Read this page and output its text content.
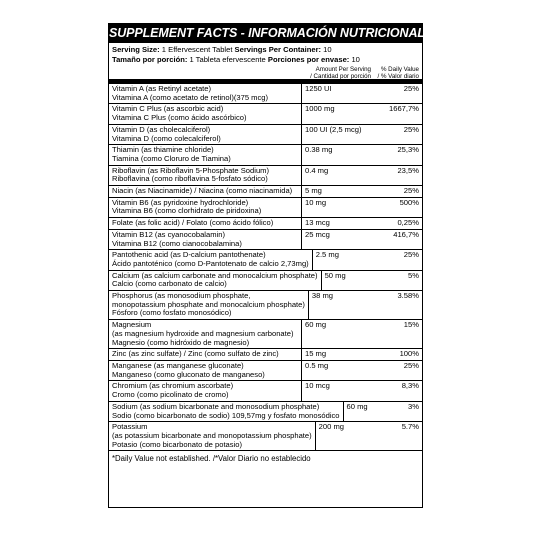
SUPPLEMENT FACTS - INFORMACIÓN NUTRICIONAL
Serving Size: 1 Effervescent Tablet Servings Per Container: 10
Tamaño por porción: 1 Tableta efervescente Porciones por envase: 10
Amount Per Serving
/ Cantidad por porción
% Daily Value
/ % Valor diario
Vitamin A (as Retinyl acetate)
Vitamina A (como acetato de retinol)(375 mcg)
1250 UI	25%
Vitamin C Plus (as ascorbic acid)
Vitamina C Plus (como ácido ascórbico)
1000 mg	1667,7%
Vitamin D (as cholecalciferol)
Vitamina D (como colecalciferol)
100 UI (2,5 mcg)	25%
Thiamin (as thiamine chloride)
Tiamina (como Cloruro de Tiamina)
0.38 mg	25,3%
Riboflavin (as Riboflavin 5-Phosphate Sodium)
Riboflavina (como riboflavina 5-fosfato sódico)
0.4 mg	23,5%
Niacin (as Niacinamide) / Niacina (como niacinamida)	5 mg	25%
Vitamin B6 (as pyridoxine hydrochloride)
Vitamina B6 (como clorhidrato de piridoxina)
10 mg	500%
Folate (as folic acid) / Folato (como ácido fólico)	13 mcg	0,25%
Vitamin B12 (as cyanocobalamin)
Vitamina B12 (como cianocobalamina)
25 mcg	416,7%
Pantothenic acid (as D-calcium pantothenate)
Ácido pantoténico (como D-Pantotenato de calcio 2,73mg)
2.5 mg	25%
Calcium (as calcium carbonate and monocalcium phosphate)
Calcio (como carbonato de calcio)
50 mg	5%
Phosphorus (as monosodium phosphate,
monopotassium phosphate and monocalcium phosphate)
Fósforo (como fosfato monosódico)
38 mg	3.58%
Magnesium
(as magnesium hydroxide and magnesium carbonate)
Magnesio (como hidróxido de magnesio)
60 mg	15%
Zinc (as zinc sulfate) / Zinc (como sulfato de zinc)	15 mg	100%
Manganese (as manganese gluconate)
Manganeso (como gluconato de manganeso)
0.5 mg	25%
Chromium (as chromium ascorbate)
Cromo (como picolinato de cromo)
10 mcg	8,3%
Sodium (as sodium bicarbonate and monosodium phosphate)
Sodio (como bicarbonato de sodio) 109,57mg y fosfato monosódico
60 mg	3%
Potassium
(as potassium bicarbonate and monopotassium phosphate)
Potasio (como bicarbonato de potasio)
200 mg	5.7%
*Daily Value not established. /*Valor Diario no establecido
